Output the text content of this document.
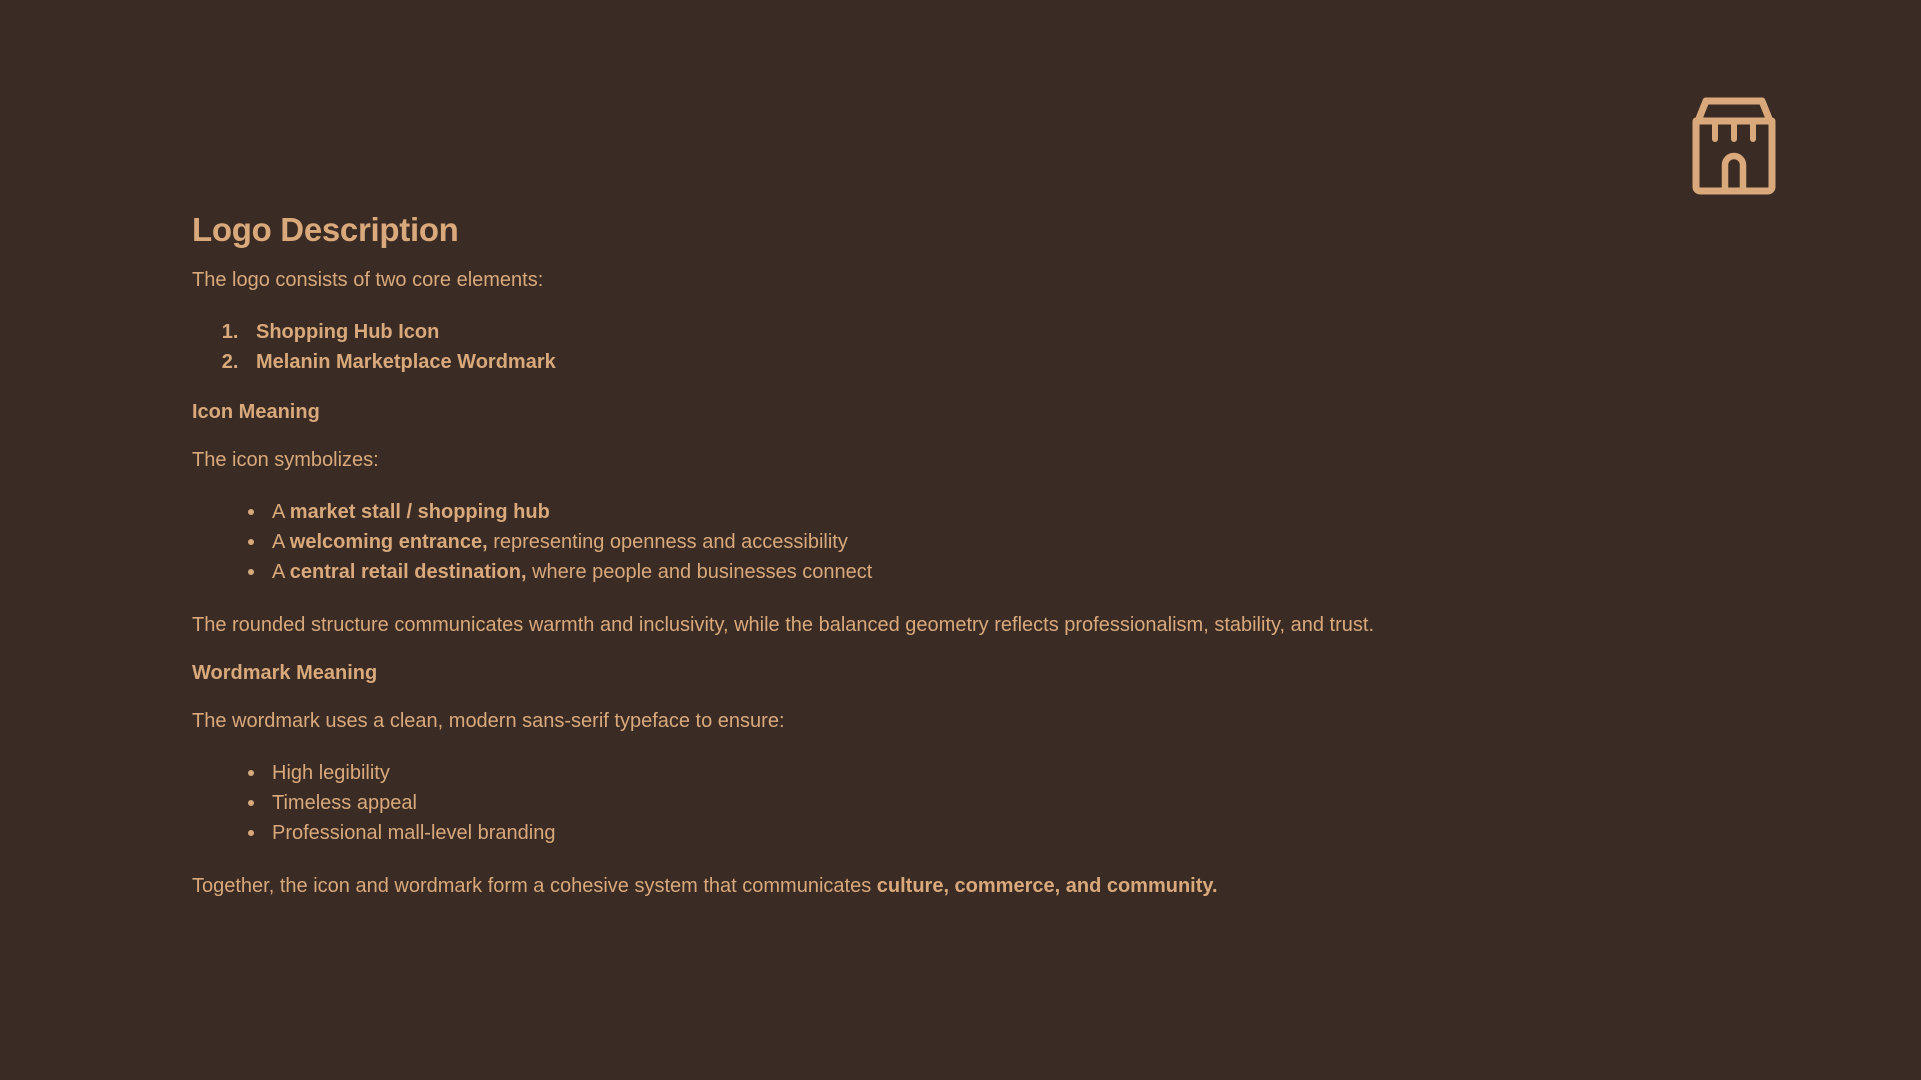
Logo Description

The logo consists of two core elements:

1. Shopping Hub Icon
2. Melanin Marketplace Wordmark
Icon Meaning

The icon symbolizes:

A market stall / shopping hub
A welcoming entrance, representing openness and accessibility
A central retail destination, where people and businesses connect

The rounded structure communicates warmth and inclusivity, while the balanced geometry reflects professionalism, stability, and trust.

Wordmark Meaning

The wordmark uses a clean, modern sans-serif typeface to ensure:

High legibility
Timeless appeal
Professional mall-level branding

Together, the icon and wordmark form a cohesive system that communicates culture, commerce, and community.
